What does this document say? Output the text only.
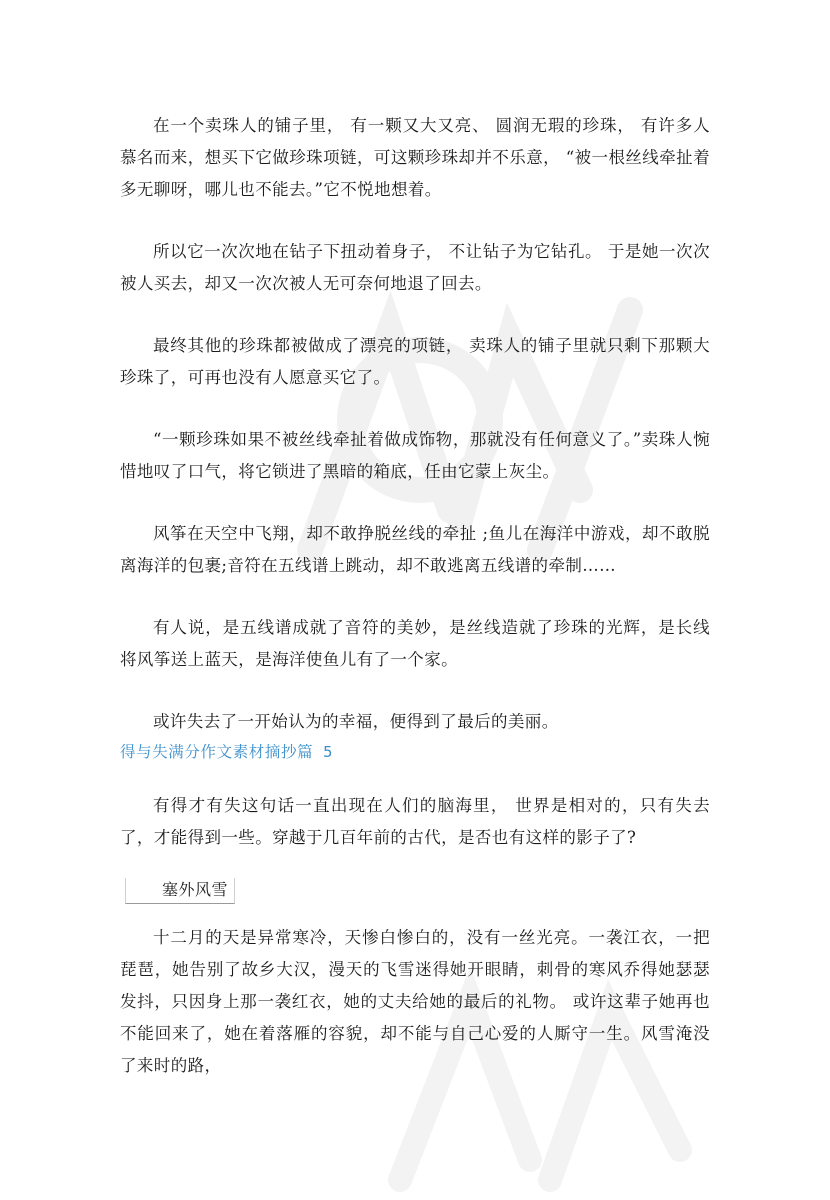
在一个卖珠人的铺子里， 有一颗又大又亮、 圆润无瑕的珍珠， 有许多人慕名而来，想买下它做珍珠项链，可这颗珍珠却并不乐意， “被一根丝线牵扯着多无聊呀，哪儿也不能去。”它不悦地想着。

所以它一次次地在钻子下扭动着身子， 不让钻子为它钻孔。 于是她一次次被人买去，却又一次次被人无可奈何地退了回去。

最终其他的珍珠都被做成了漂亮的项链， 卖珠人的铺子里就只剩下那颗大珍珠了，可再也没有人愿意买它了。

“一颗珍珠如果不被丝线牵扯着做成饰物，那就没有任何意义了。”卖珠人惋惜地叹了口气，将它锁进了黑暗的箱底，任由它蒙上灰尘。

风筝在天空中飞翔，却不敢挣脱丝线的牵扯 ;鱼儿在海洋中游戏，却不敢脱离海洋的包裹;音符在五线谱上跳动，却不敢逃离五线谱的牵制……

有人说，是五线谱成就了音符的美妙，是丝线造就了珍珠的光辉，是长线将风筝送上蓝天，是海洋使鱼儿有了一个家。

或许失去了一开始认为的幸福，便得到了最后的美丽。

得与失满分作文素材摘抄篇 5

有得才有失这句话一直出现在人们的脑海里， 世界是相对的，只有失去了，才能得到一些。穿越于几百年前的古代，是否也有这样的影子了?

塞外风雪

十二月的天是异常寒冷，天惨白惨白的，没有一丝光亮。一袭江衣，一把琵琶，她告别了故乡大汉，漫天的飞雪迷得她开眼睛，刺骨的寒风乔得她瑟瑟发抖，只因身上那一袭红衣，她的丈夫给她的最后的礼物。 或许这辈子她再也不能回来了，她在着落雁的容貌，却不能与自己心爱的人厮守一生。风雪淹没了来时的路，
